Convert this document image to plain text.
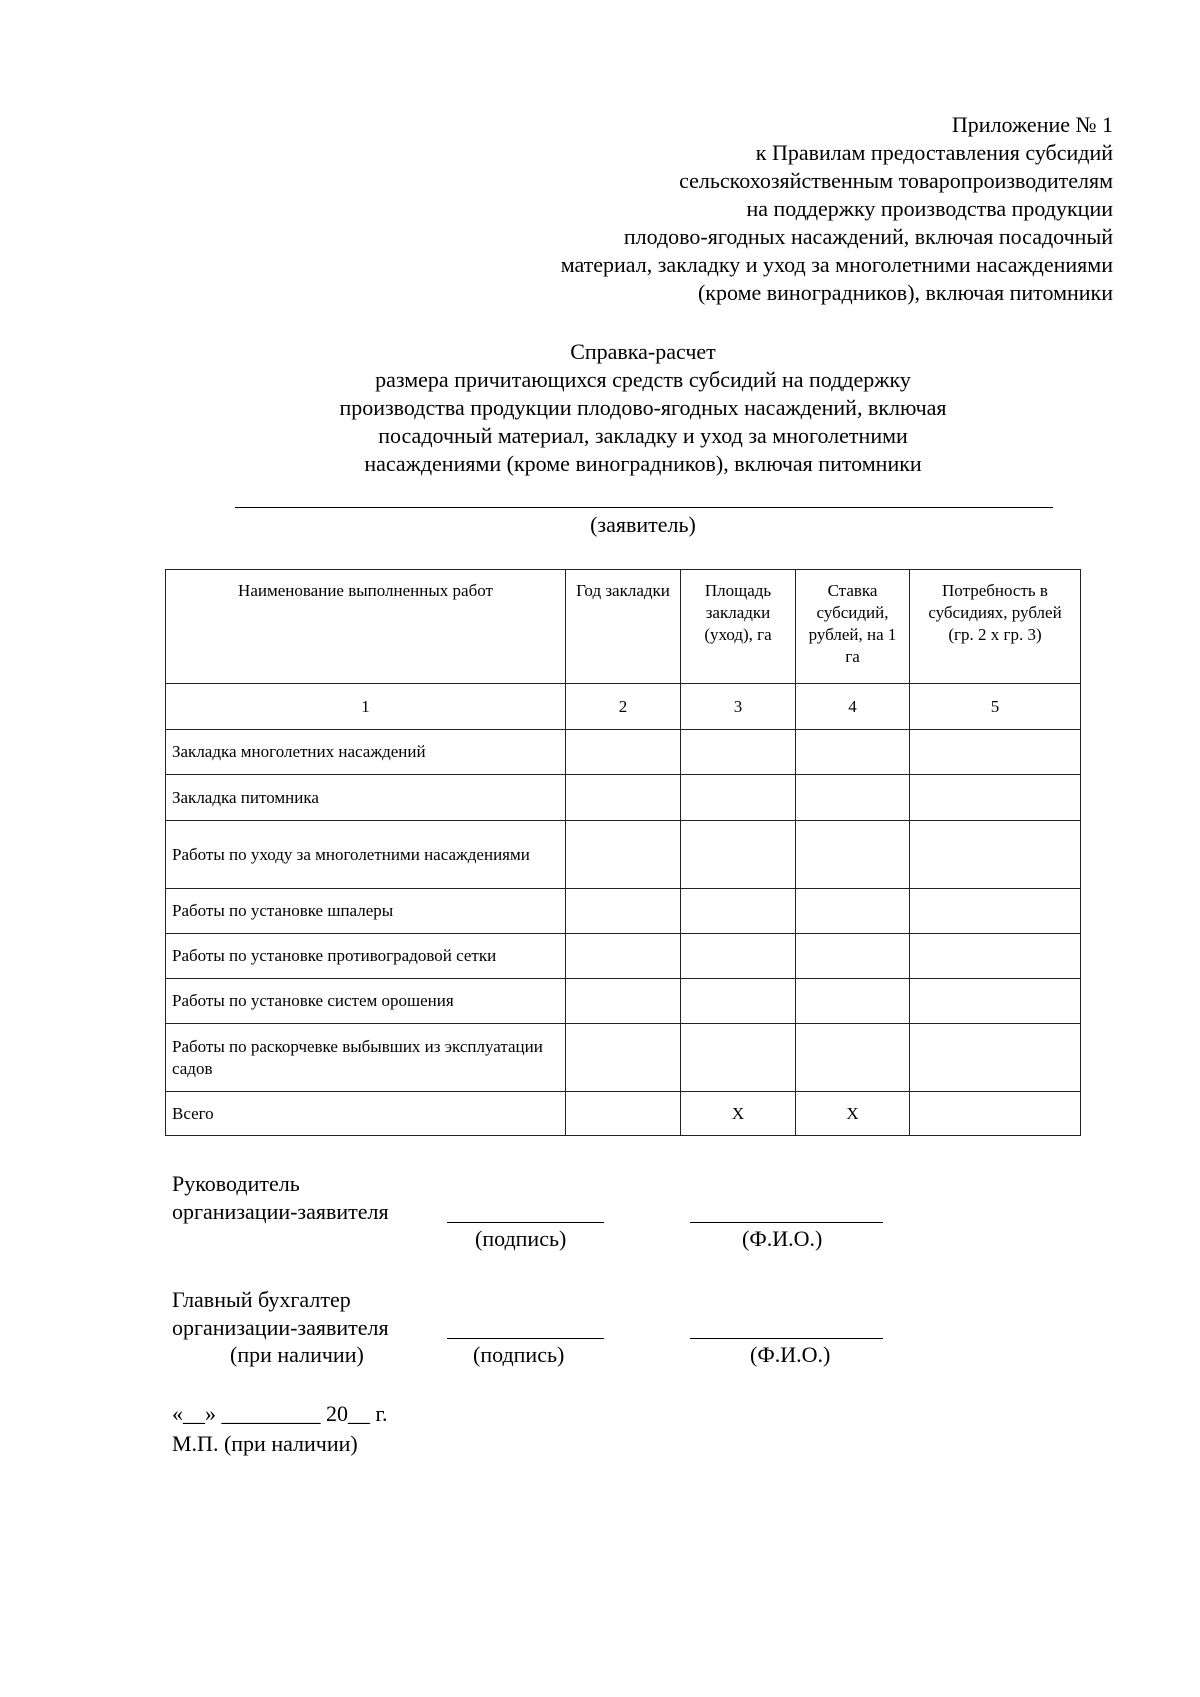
Приложение № 1
к Правилам предоставления субсидий
сельскохозяйственным товаропроизводителям
на поддержку производства продукции
плодово-ягодных насаждений, включая посадочный
материал, закладку и уход за многолетними насаждениями
(кроме виноградников), включая питомники
Справка-расчет
размера причитающихся средств субсидий на поддержку
производства продукции плодово-ягодных насаждений, включая
посадочный материал, закладку и уход за многолетними
насаждениями (кроме виноградников), включая питомники
(заявитель)
Наименование выполненных работ	Год закладки	Площадь закладки (уход), га	Ставка субсидий, рублей, на 1 га	Потребность в субсидиях, рублей (гр. 2 х гр. 3)
1	2	3	4	5
Закладка многолетних насаждений				
Закладка питомника				
Работы по уходу за многолетними насаждениями				
Работы по установке шпалеры				
Работы по установке противоградовой сетки				
Работы по установке систем орошения				
Работы по раскорчевке выбывших из эксплуатации садов				
Всего		X	X	
Руководитель
организации-заявителя
(подпись)	(Ф.И.О.)
Главный бухгалтер
организации-заявителя
(при наличии)	(подпись)	(Ф.И.О.)
«__» _________ 20__ г.
М.П. (при наличии)
